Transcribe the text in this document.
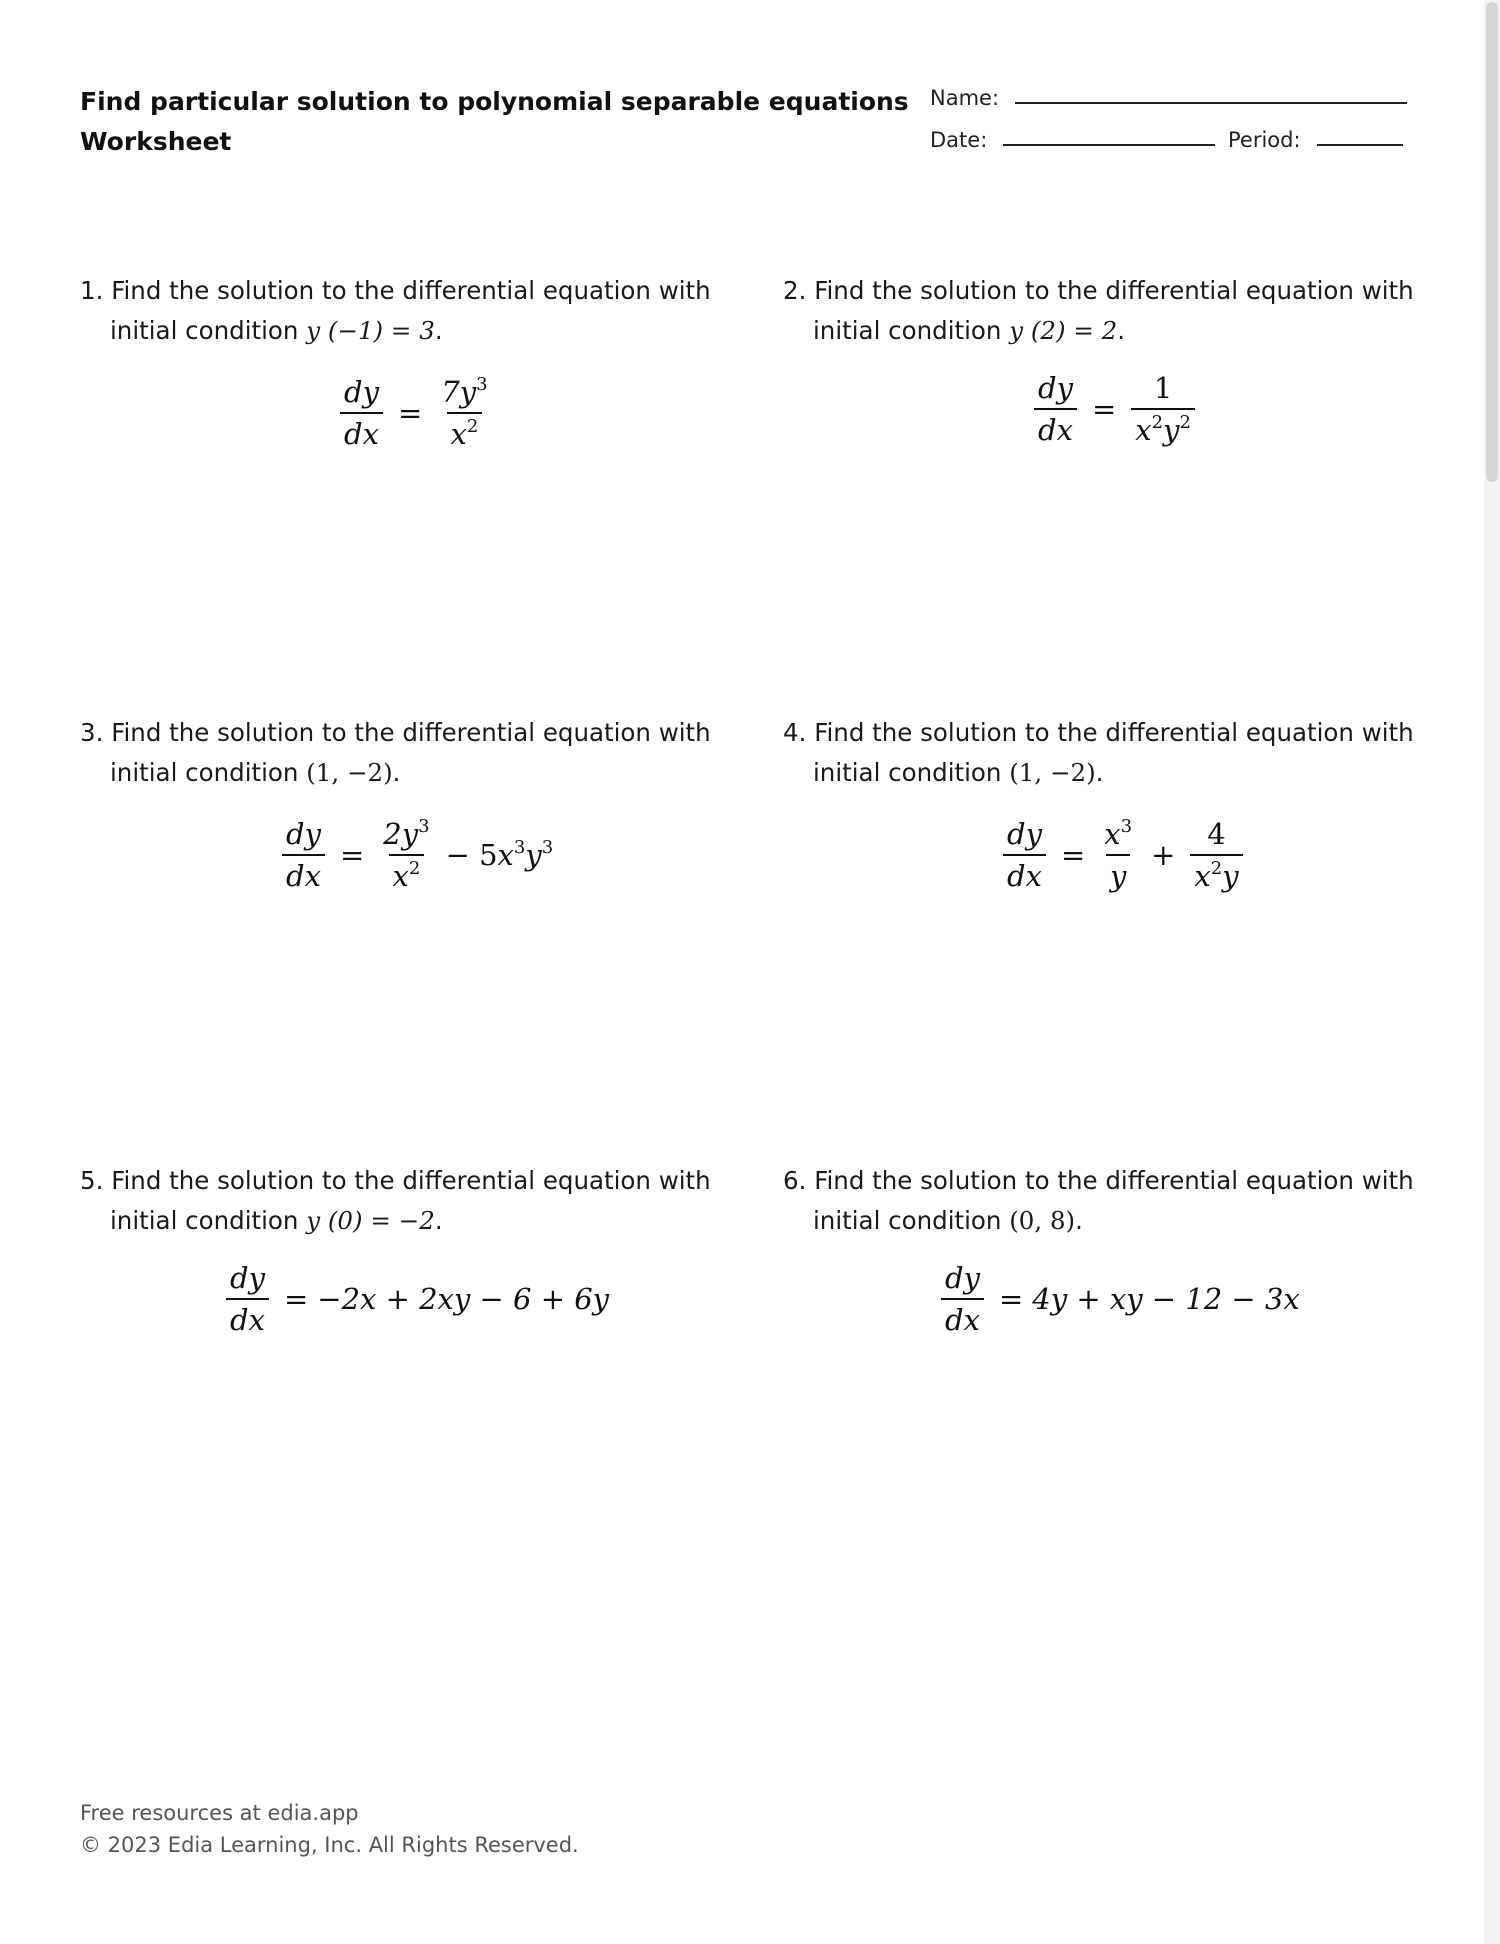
Find particular solution to polynomial separable equations
Worksheet
Name:
Date:	Period:
1. Find the solution to the differential equation with initial condition y (−1) = 3.
$\frac{dy}{dx} = \frac{7y^3}{x^2}$
2. Find the solution to the differential equation with initial condition y (2) = 2.
$\frac{dy}{dx} = \frac{1}{x^2y^2}$
3. Find the solution to the differential equation with initial condition (1, −2).
$\frac{dy}{dx} = \frac{2y^3}{x^2} - 5x^3y^3$
4. Find the solution to the differential equation with initial condition (1, −2).
$\frac{dy}{dx} = \frac{x^3}{y} + \frac{4}{x^2y}$
5. Find the solution to the differential equation with initial condition y (0) = −2.
$\frac{dy}{dx} = -2x + 2xy - 6 + 6y$
6. Find the solution to the differential equation with initial condition (0, 8).
$\frac{dy}{dx} = 4y$ + xy − 12 − 3x
Free resources at edia.app
© 2023 Edia Learning, Inc. All Rights Reserved.
